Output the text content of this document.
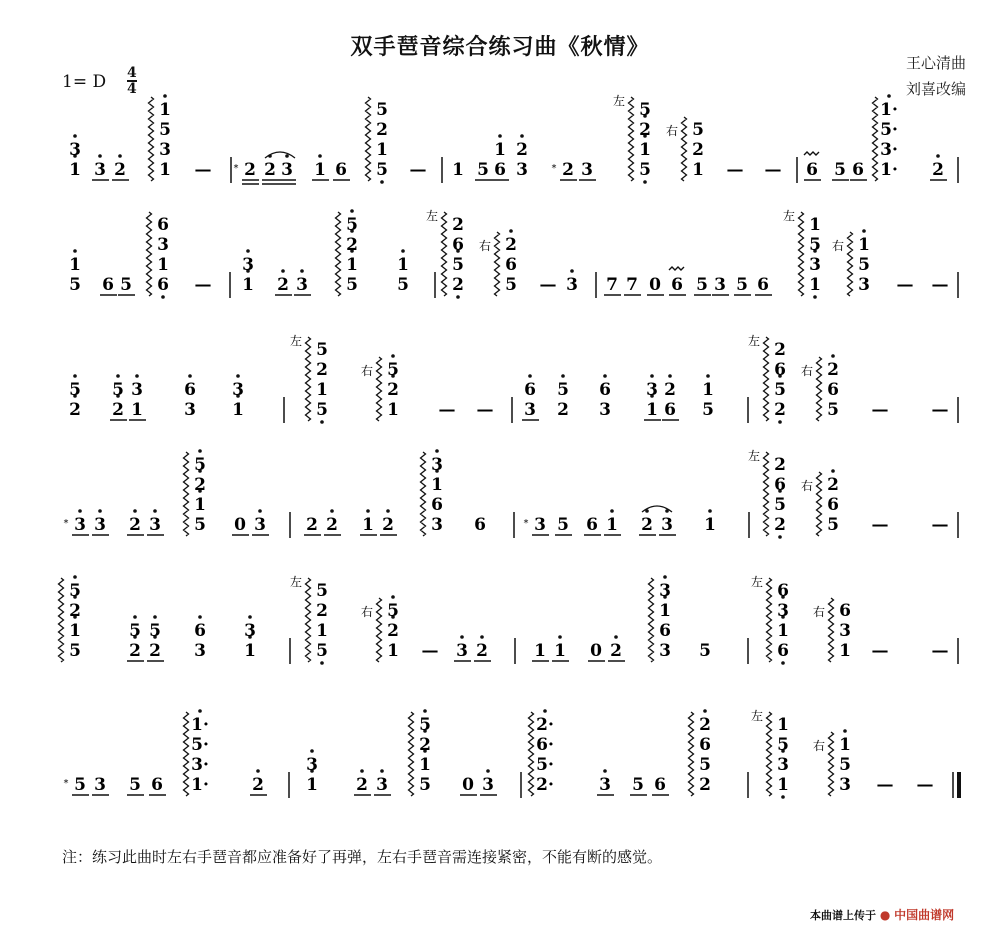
双手琶音综合练习曲《秋情》
王心清曲
刘喜改编
1= D $\frac{4}{4}$
1
3
3 2 1
3
5
1
— 2
* 2 3 1 6 5
1
2
5
— 1 5 6
1
3
2
2
* 3	5
1
2
5
左
1
2
5
右
— — 6 5 6 1·
3·
5·
1·
2
5
1
6 5 6
1
3
6
— 1
3
2 3 5
1
2
5
5
1
2
5
6
2
左
5
6
2
右
— 3 7 7 0 6 5 3 5 6 1
3
5
1
左
3
5
1
右
— —
2
5
2
5
1
3
3
6
1
3
5
1
2
5
左
1
2
5
右
— — 3
6
2
5
3
6
1
3
6
2
5
1
2
5
6
2
左
5
6
2
右
—	—
3
* 3 2 3 5
1
2
5
0 3 2 2 1 2 3
6
1
3
6	3
* 5 6 1 2 3 1	2
5
6
2
左
5
6
2
右
—	—
5
1
2
5
2
5
2
5
3
6
1
3
5
1
2
5
左
1
2
5
右
— 3 2	1 1 0 2 3
6
1
3
5	6
1
3
6
左
1
3
6
右
—	—
5
* 3 5 6 1·
3·
5·
1·
2 1
3
2 3 5
1
2
5
0 3 2·
5·
6·
2·
3 5 6 2
5
6
2
1
3
5
1
左
3
5
1
右
— —
注：练习此曲时左右手琶音都应准备好了再弹，左右手琶音需连接紧密，不能有断的感觉。
本曲谱上传于 ● 中国曲谱网
